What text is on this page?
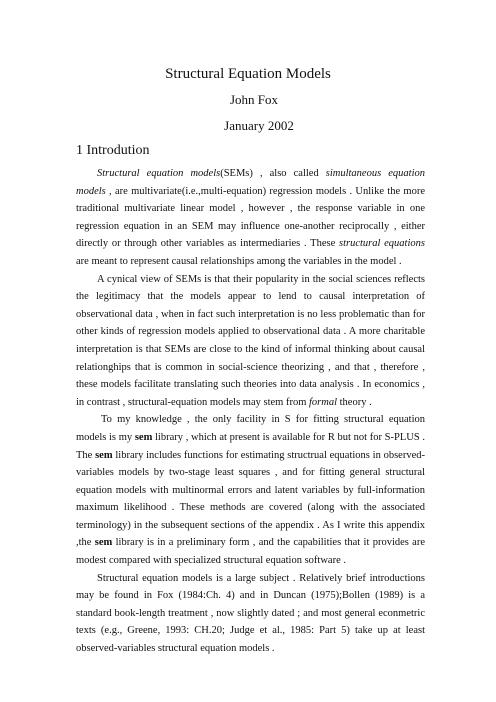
Structural Equation Models
John Fox
January 2002
1 Introdution

Structural equation models(SEMs) , also called simultaneous equation models , are multivariate(i.e.,multi-equation) regression models . Unlike the more traditional multivariate linear model , however , the response variable in one regression equation in an SEM may influence one-another reciprocally , either directly or through other variables as intermediaries . These structural equations are meant to represent causal relationships among the variables in the model .

A cynical view of SEMs is that their popularity in the social sciences reflects the legitimacy that the models appear to lend to causal interpretation of observational data , when in fact such interpretation is no less problematic than for other kinds of regression models applied to observational data . A more charitable interpretation is that SEMs are close to the kind of informal thinking about causal relationghips that is common in social-science theorizing , and that , therefore , these models facilitate translating such theories into data analysis . In economics , in contrast , structural-equation models may stem from formal theory .

To my knowledge , the only facility in S for fitting structural equation models is my sem library , which at present is available for R but not for S-PLUS . The sem library includes functions for estimating structrual equations in observed-variables models by two-stage least squares , and for fitting general structural equation models with multinormal errors and latent variables by full-information maximum likelihood . These methods are covered (along with the associated terminology) in the subsequent sections of the appendix . As I write this appendix ,the sem library is in a preliminary form , and the capabilities that it provides are modest compared with specialized structural equation software .

Structural equation models is a large subject . Relatively brief introductions may be found in Fox (1984:Ch. 4) and in Duncan (1975);Bollen (1989) is a standard book-length treatment , now slightly dated ; and most general econmetric texts (e.g., Greene, 1993: CH.20; Judge et al., 1985: Part 5) take up at least observed-variables structural equation models .
